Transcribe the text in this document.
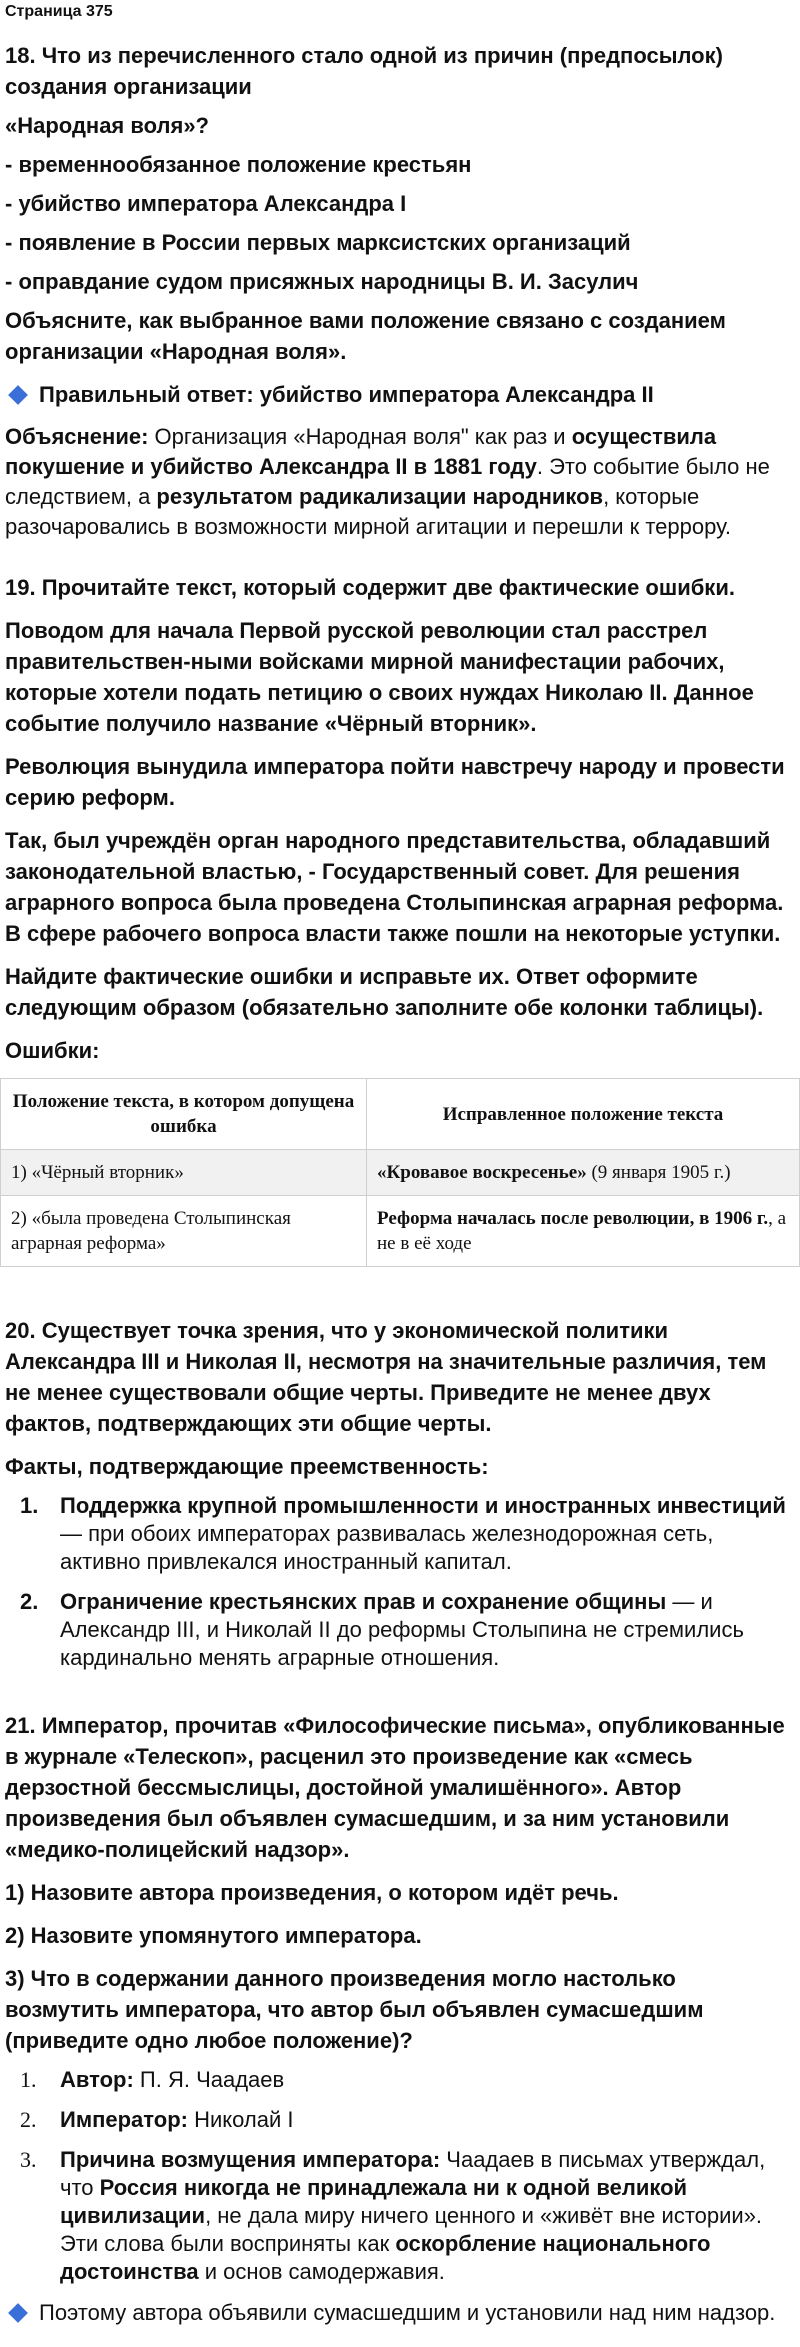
Страница 375
18. Что из перечисленного стало одной из причин (предпосылок) создания организации
«Народная воля»?
- временнообязанное положение крестьян
- убийство императора Александра I
- появление в России первых марксистских организаций
- оправдание судом присяжных народницы В. И. Засулич
Объясните, как выбранное вами положение связано с созданием организации «Народная воля».
Правильный ответ: убийство императора Александра II
Объяснение: Организация «Народная воля" как раз и осуществила покушение и убийство Александра II в 1881 году. Это событие было не следствием, а результатом радикализации народников, которые разочаровались в возможности мирной агитации и перешли к террору.
19. Прочитайте текст, который содержит две фактические ошибки.
Поводом для начала Первой русской революции стал расстрел правительствен-ными войсками мирной манифестации рабочих, которые хотели подать петицию о своих нуждах Николаю II. Данное событие получило название «Чёрный вторник».
Революция вынудила императора пойти навстречу народу и провести серию реформ.
Так, был учреждён орган народного представительства, обладавший законодательной властью, - Государственный совет. Для решения аграрного вопроса была проведена Столыпинская аграрная реформа. В сфере рабочего вопроса власти также пошли на некоторые уступки.
Найдите фактические ошибки и исправьте их. Ответ оформите следующим образом (обязательно заполните обе колонки таблицы).
Ошибки:
Положение текста, в котором допущена ошибка	Исправленное положение текста
1) «Чёрный вторник»	«Кровавое воскресенье» (9 января 1905 г.)
2) «была проведена Столыпинская аграрная реформа»	Реформа началась после революции, в 1906 г., а не в её ходе
20. Существует точка зрения, что у экономической политики Александра III и Николая II, несмотря на значительные различия, тем не менее существовали общие черты. Приведите не менее двух фактов, подтверждающих эти общие черты.
Факты, подтверждающие преемственность:
1. Поддержка крупной промышленности и иностранных инвестиций — при обоих императорах развивалась железнодорожная сеть, активно привлекался иностранный капитал.
2. Ограничение крестьянских прав и сохранение общины — и Александр III, и Николай II до реформы Столыпина не стремились кардинально менять аграрные отношения.
21. Император, прочитав «Философические письма», опубликованные в журнале «Телескоп», расценил это произведение как «смесь дерзостной бессмыслицы, достойной умалишённого». Автор произведения был объявлен сумасшедшим, и за ним установили «медико-полицейский надзор».
1) Назовите автора произведения, о котором идёт речь.
2) Назовите упомянутого императора.
3) Что в содержании данного произведения могло настолько возмутить императора, что автор был объявлен сумасшедшим (приведите одно любое положение)?
1. Автор: П. Я. Чаадаев
2. Император: Николай I
3. Причина возмущения императора: Чаадаев в письмах утверждал, что Россия никогда не принадлежала ни к одной великой цивилизации, не дала миру ничего ценного и «живёт вне истории». Эти слова были восприняты как оскорбление национального достоинства и основ самодержавия.
Поэтому автора объявили сумасшедшим и установили над ним надзор.
